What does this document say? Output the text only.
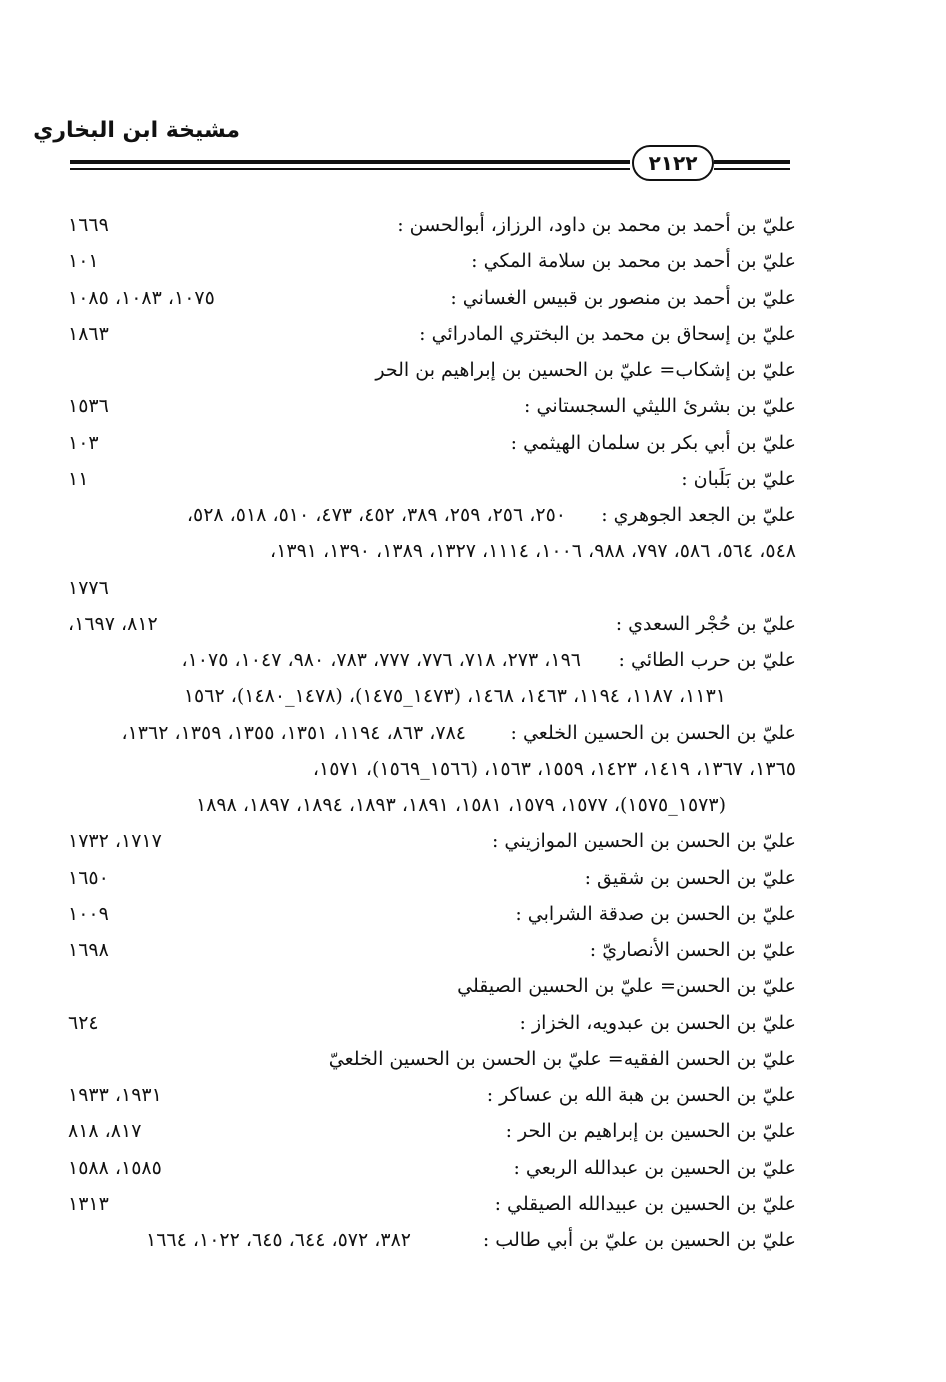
مشيخة ابن البخاري
٢١٢٢
عليّ بن أحمد بن محمد بن داود، الرزاز، أبوالحسن :
١٦٦٩
عليّ بن أحمد بن محمد بن سلامة المكي :
١٠١
عليّ بن أحمد بن منصور بن قبيس الغساني :
١٠٧٥، ١٠٨٣، ١٠٨٥
عليّ بن إسحاق بن محمد بن البختري المادرائي :
١٨٦٣
عليّ بن إشكاب= عليّ بن الحسين بن إبراهيم بن الحر
عليّ بن بشرئ الليثي السجستاني :
١٥٣٦
عليّ بن أبي بكر بن سلمان الهيثمي :
١٠٣
عليّ بن بَلَبان :
١١
عليّ بن الجعد الجوهري :
٢٥٠، ٢٥٦، ٢٥٩، ٣٨٩، ٤٥٢، ٤٧٣، ٥١٠، ٥١٨، ٥٢٨،
٥٤٨، ٥٦٤، ٥٨٦، ٧٩٧، ٩٨٨، ١٠٠٦، ١١١٤، ١٣٢٧، ١٣٨٩، ١٣٩٠، ١٣٩١،
١٧٧٦
عليّ بن حُجْر السعدي :
٨١٢، ١٦٩٧،
عليّ بن حرب الطائي :
١٩٦، ٢٧٣، ٧١٨، ٧٧٦، ٧٧٧، ٧٨٣، ٩٨٠، ١٠٤٧، ١٠٧٥،
١١٣١، ١١٨٧، ١١٩٤، ١٤٦٣، ١٤٦٨، (١٤٧٣_١٤٧٥)، (١٤٧٨_١٤٨٠)، ١٥٦٢
عليّ بن الحسن بن الحسين الخلعي :
٧٨٤، ٨٦٣، ١١٩٤، ١٣٥١، ١٣٥٥، ١٣٥٩، ١٣٦٢،
١٣٦٥، ١٣٦٧، ١٤١٩، ١٤٢٣، ١٥٥٩، ١٥٦٣، (١٥٦٦_١٥٦٩)، ١٥٧١،
(١٥٧٣_١٥٧٥)، ١٥٧٧، ١٥٧٩، ١٥٨١، ١٨٩١، ١٨٩٣، ١٨٩٤، ١٨٩٧، ١٨٩٨
عليّ بن الحسن بن الحسين الموازيني :
١٧١٧، ١٧٣٢
عليّ بن الحسن بن شقيق :
١٦٥٠
عليّ بن الحسن بن صدقة الشرابي :
١٠٠٩
عليّ بن الحسن الأنصاريّ :
١٦٩٨
عليّ بن الحسن= عليّ بن الحسين الصيقلي
عليّ بن الحسن بن عبدويه، الخزاز :
٦٢٤
عليّ بن الحسن الفقيه= عليّ بن الحسن بن الحسين الخلعيّ
عليّ بن الحسن بن هبة الله بن عساكر :
١٩٣١، ١٩٣٣
عليّ بن الحسين بن إبراهيم بن الحر :
٨١٧، ٨١٨
عليّ بن الحسين بن عبدالله الربعي :
١٥٨٥، ١٥٨٨
عليّ بن الحسين بن عبيدالله الصيقلي :
١٣١٣
عليّ بن الحسين بن عليّ بن أبي طالب :
٣٨٢، ٥٧٢، ٦٤٤، ٦٤٥، ١٠٢٢، ١٦٦٤
